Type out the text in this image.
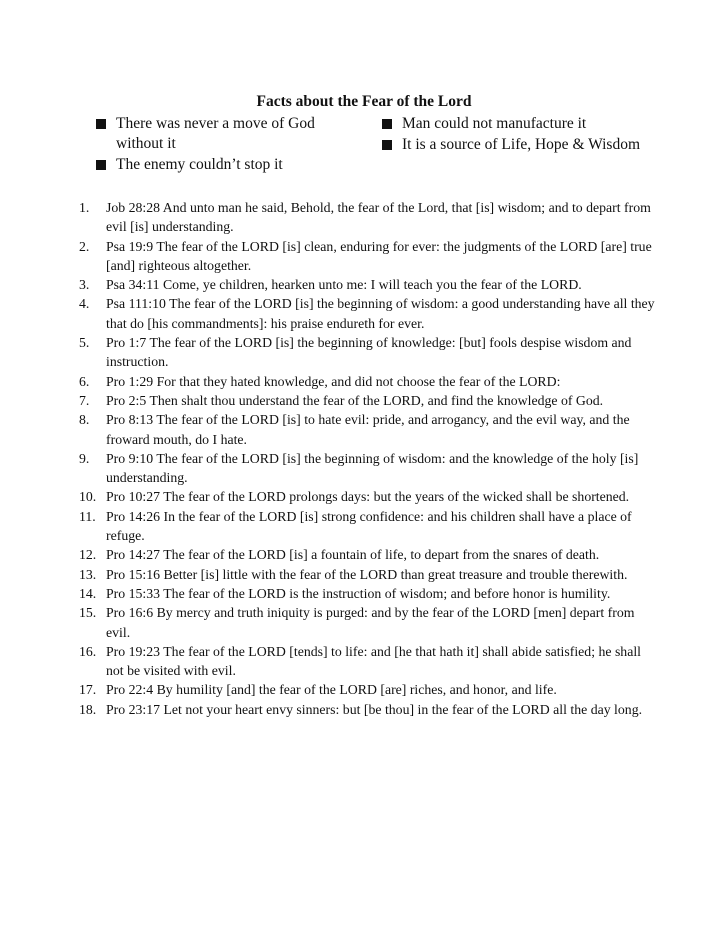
Facts about the Fear of the Lord
There was never a move of God without it
The enemy couldn’t stop it
Man could not manufacture it
It is a source of Life, Hope & Wisdom
1. Job 28:28 And unto man he said, Behold, the fear of the Lord, that [is] wisdom; and to depart from evil [is] understanding.
2. Psa 19:9 The fear of the LORD [is] clean, enduring for ever: the judgments of the LORD [are] true [and] righteous altogether.
3. Psa 34:11 Come, ye children, hearken unto me: I will teach you the fear of the LORD.
4. Psa 111:10 The fear of the LORD [is] the beginning of wisdom: a good understanding have all they that do [his commandments]: his praise endureth for ever.
5. Pro 1:7 The fear of the LORD [is] the beginning of knowledge: [but] fools despise wisdom and instruction.
6. Pro 1:29 For that they hated knowledge, and did not choose the fear of the LORD:
7. Pro 2:5 Then shalt thou understand the fear of the LORD, and find the knowledge of God.
8. Pro 8:13 The fear of the LORD [is] to hate evil: pride, and arrogancy, and the evil way, and the froward mouth, do I hate.
9. Pro 9:10 The fear of the LORD [is] the beginning of wisdom: and the knowledge of the holy [is] understanding.
10. Pro 10:27 The fear of the LORD prolongs days: but the years of the wicked shall be shortened.
11. Pro 14:26 In the fear of the LORD [is] strong confidence: and his children shall have a place of refuge.
12. Pro 14:27 The fear of the LORD [is] a fountain of life, to depart from the snares of death.
13. Pro 15:16 Better [is] little with the fear of the LORD than great treasure and trouble therewith.
14. Pro 15:33 The fear of the LORD is the instruction of wisdom; and before honor is humility.
15. Pro 16:6 By mercy and truth iniquity is purged: and by the fear of the LORD [men] depart from evil.
16. Pro 19:23 The fear of the LORD [tends] to life: and [he that hath it] shall abide satisfied; he shall not be visited with evil.
17. Pro 22:4 By humility [and] the fear of the LORD [are] riches, and honor, and life.
18. Pro 23:17 Let not your heart envy sinners: but [be thou] in the fear of the LORD all the day long.
